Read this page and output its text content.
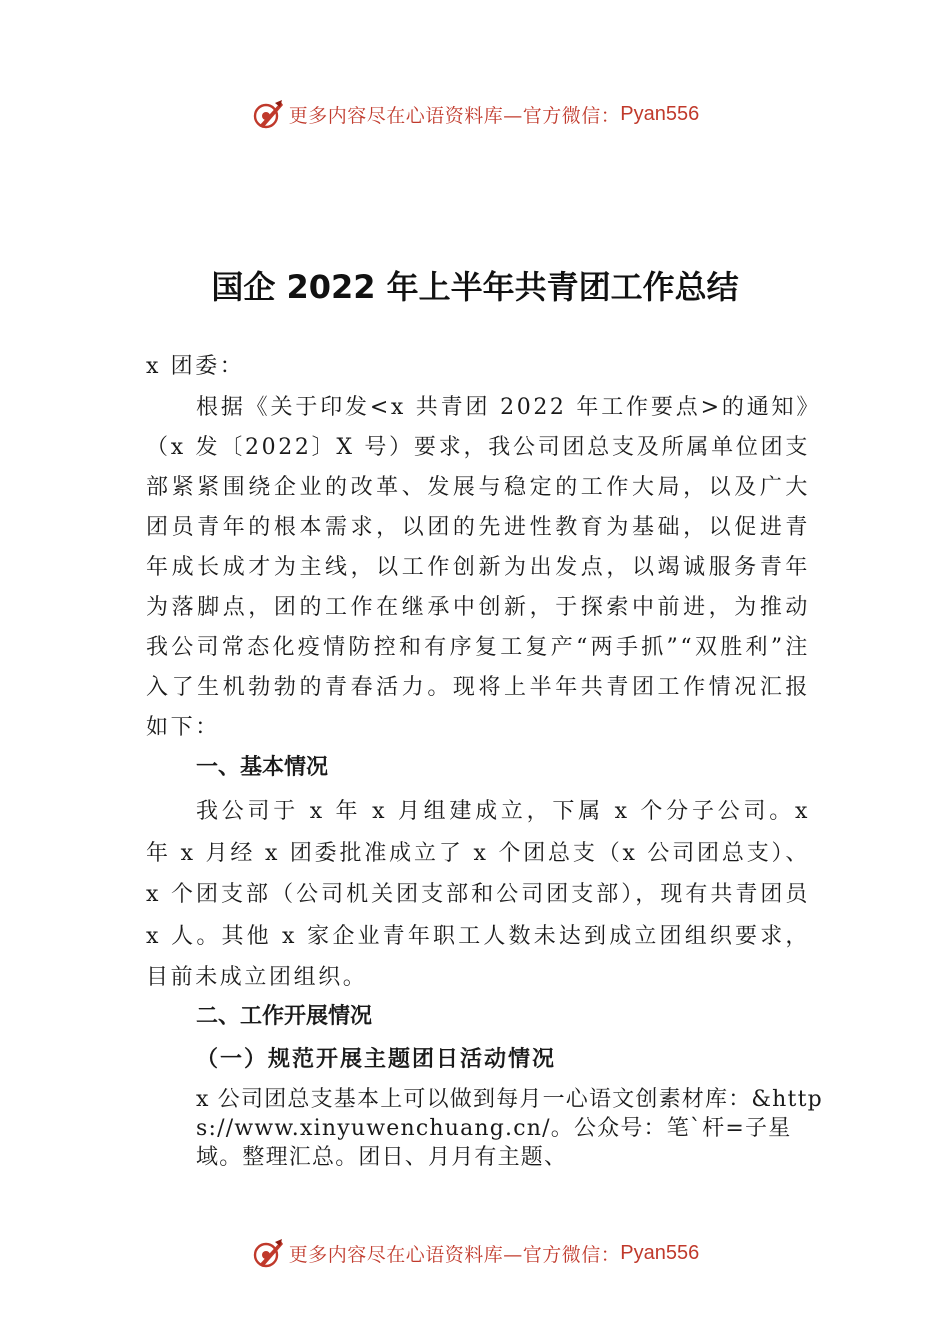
更多内容尽在心语资料库—官方微信： Pyan556
国企 2022 年上半年共青团工作总结
x 团委：
根据《关于印发<x 共青团 2022 年工作要点>的通知》（x 发〔2022〕X 号）要求，我公司团总支及所属单位团支部紧紧围绕企业的改革、发展与稳定的工作大局，以及广大团员青年的根本需求，以团的先进性教育为基础，以促进青年成长成才为主线，以工作创新为出发点，以竭诚服务青年为落脚点，团的工作在继承中创新，于探索中前进，为推动我公司常态化疫情防控和有序复工复产“两手抓”“双胜利”注入了生机勃勃的青春活力。现将上半年共青团工作情况汇报如下：
一、基本情况
我公司于 x 年 x 月组建成立，下属 x 个分子公司。x 年 x 月经 x 团委批准成立了 x 个团总支（x 公司团总支）、x 个团支部（公司机关团支部和公司团支部），现有共青团员 x 人。其他 x 家企业青年职工人数未达到成立团组织要求，目前未成立团组织。
二、工作开展情况
（一）规范开展主题团日活动情况
x 公司团总支基本上可以做到每月一心语文创素材库：&https://www.xinyuwenchuang.cn/。公众号：笔`杆=子星域。整理汇总。团日、月月有主题、
更多内容尽在心语资料库—官方微信： Pyan556
